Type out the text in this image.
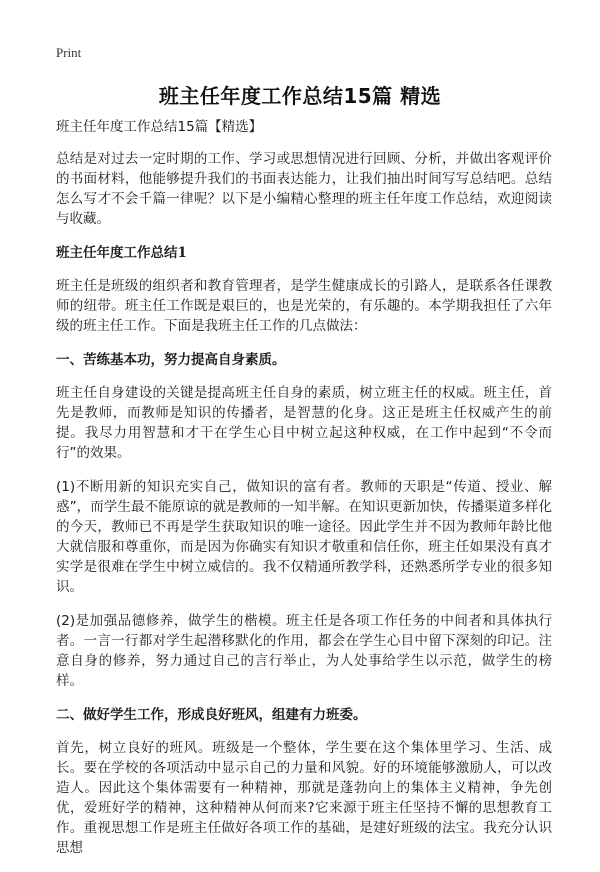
Print
班主任年度工作总结15篇 精选

班主任年度工作总结15篇【精选】

总结是对过去一定时期的工作、学习或思想情况进行回顾、分析，并做出客观评价的书面材料，他能够提升我们的书面表达能力，让我们抽出时间写写总结吧。总结怎么写才不会千篇一律呢？以下是小编精心整理的班主任年度工作总结，欢迎阅读与收藏。

班主任年度工作总结1

班主任是班级的组织者和教育管理者，是学生健康成长的引路人，是联系各任课教师的纽带。班主任工作既是艰巨的，也是光荣的，有乐趣的。本学期我担任了六年级的班主任工作。下面是我班主任工作的几点做法：

一、苦练基本功，努力提高自身素质。

班主任自身建设的关键是提高班主任自身的素质，树立班主任的权威。班主任，首先是教师，而教师是知识的传播者，是智慧的化身。这正是班主任权威产生的前提。我尽力用智慧和才干在学生心目中树立起这种权威，在工作中起到“不令而行”的效果。

(1)不断用新的知识充实自己，做知识的富有者。教师的天职是“传道、授业、解惑”，而学生最不能原谅的就是教师的一知半解。在知识更新加快，传播渠道多样化的今天，教师已不再是学生获取知识的唯一途径。因此学生并不因为教师年龄比他大就信服和尊重你，而是因为你确实有知识才敬重和信任你，班主任如果没有真才实学是很难在学生中树立威信的。我不仅精通所教学科，还熟悉所学专业的很多知识。

(2)是加强品德修养，做学生的楷模。班主任是各项工作任务的中间者和具体执行者。一言一行都对学生起潜移默化的作用，都会在学生心目中留下深刻的印记。注意自身的修养，努力通过自己的言行举止，为人处事给学生以示范，做学生的榜样。

二、做好学生工作，形成良好班风，组建有力班委。

首先，树立良好的班风。班级是一个整体，学生要在这个集体里学习、生活、成长。要在学校的各项活动中显示自己的力量和风貌。好的环境能够激励人，可以改造人。因此这个集体需要有一种精神，那就是蓬勃向上的集体主义精神，争先创优，爱班好学的精神，这种精神从何而来?它来源于班主任坚持不懈的思想教育工作。重视思想工作是班主任做好各项工作的基础，是建好班级的法宝。我充分认识思想
